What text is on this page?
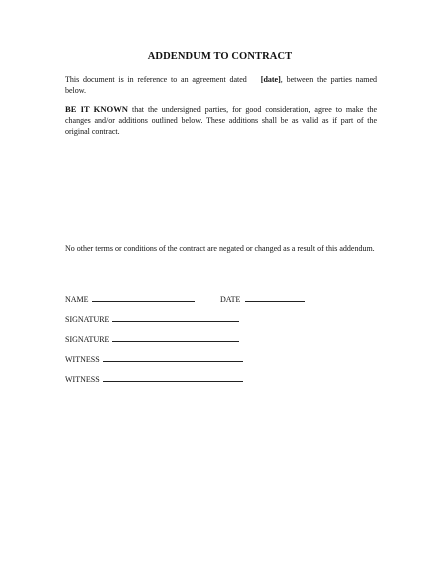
ADDENDUM TO CONTRACT
This document is in reference to an agreement dated [date], between the parties named below.
BE IT KNOWN that the undersigned parties, for good consideration, agree to make the changes and/or additions outlined below. These additions shall be as valid as if part of the original contract.
No other terms or conditions of the contract are negated or changed as a result of this addendum.
NAME	DATE
SIGNATURE
SIGNATURE
WITNESS
WITNESS
